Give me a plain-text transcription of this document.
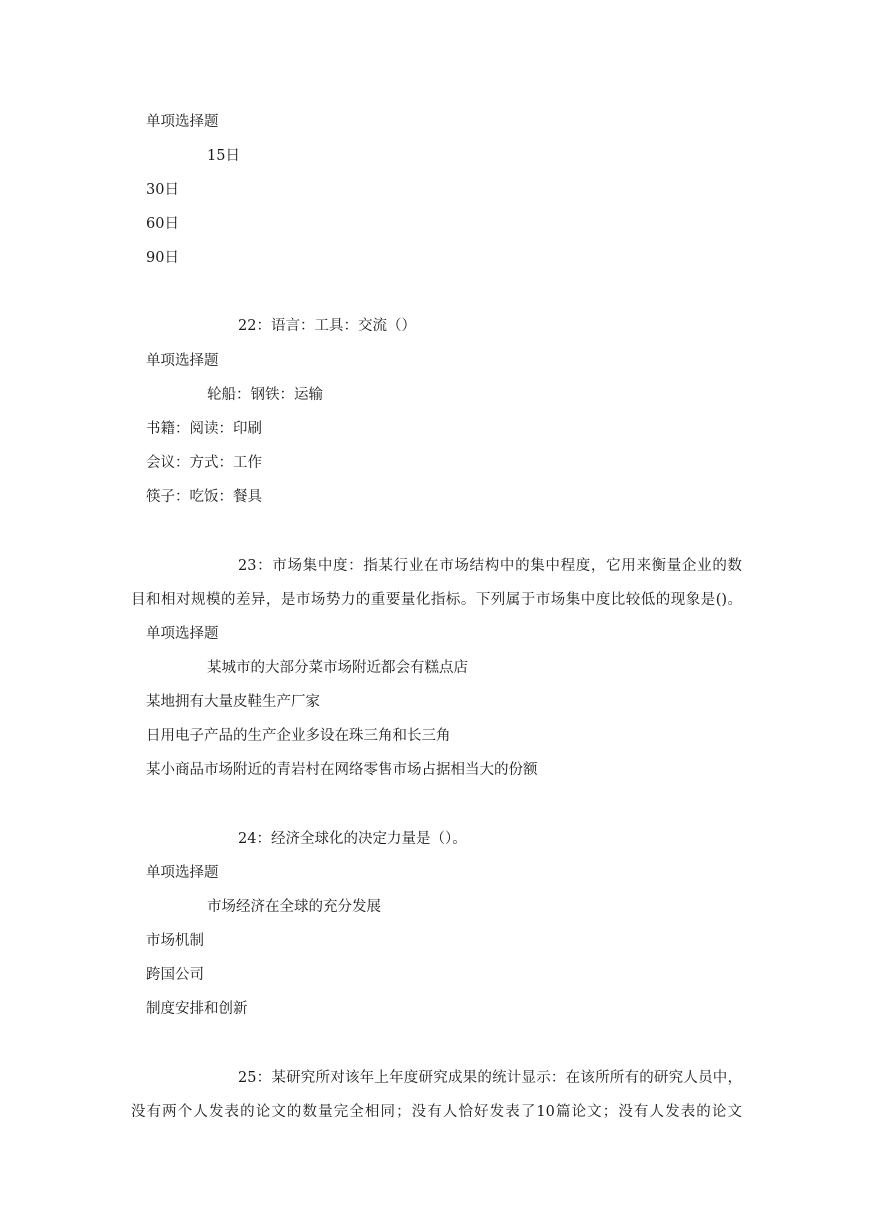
单项选择题
15日
30日
60日
90日
22：语言：工具：交流（）
单项选择题
轮船：钢铁：运输
书籍：阅读：印刷
会议：方式：工作
筷子：吃饭：餐具
23：市场集中度：指某行业在市场结构中的集中程度，它用来衡量企业的数
目和相对规模的差异，是市场势力的重要量化指标。下列属于市场集中度比较低的现象是()。
单项选择题
某城市的大部分菜市场附近都会有糕点店
某地拥有大量皮鞋生产厂家
日用电子产品的生产企业多设在珠三角和长三角
某小商品市场附近的青岩村在网络零售市场占据相当大的份额
24：经济全球化的决定力量是（）。
单项选择题
市场经济在全球的充分发展
市场机制
跨国公司
制度安排和创新
25：某研究所对该年上年度研究成果的统计显示：在该所所有的研究人员中，
没有两个人发表的论文的数量完全相同；没有人恰好发表了10篇论文；没有人发表的论文
